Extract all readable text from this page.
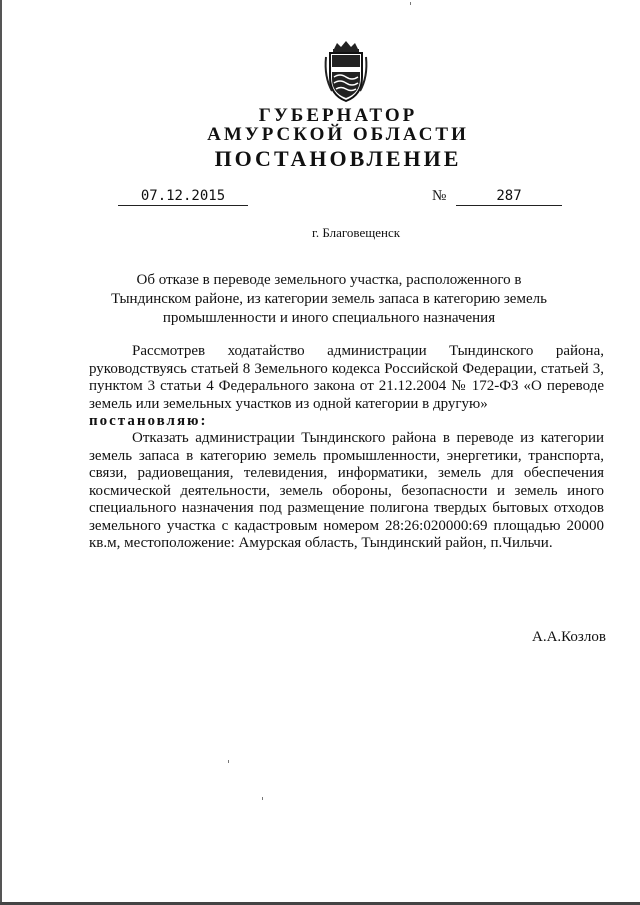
ГУБЕРНАТОР
АМУРСКОЙ ОБЛАСТИ
ПОСТАНОВЛЕНИЕ
07.12.2015	№	287
г. Благовещенск
Об отказе в переводе земельного участка, расположенного в Тындинском районе, из категории земель запаса в категорию земель промышленности и иного специального назначения
Рассмотрев ходатайство администрации Тындинского района, руководствуясь статьей 8 Земельного кодекса Российской Федерации, статьей 3, пунктом 3 статьи 4 Федерального закона от 21.12.2004 № 172-ФЗ «О переводе земель или земельных участков из одной категории в другую»
постановляю:
Отказать администрации Тындинского района в переводе из категории земель запаса в категорию земель промышленности, энергетики, транспорта, связи, радиовещания, телевидения, информатики, земель для обеспечения космической деятельности, земель обороны, безопасности и земель иного специального назначения под размещение полигона твердых бытовых отходов земельного участка с кадастровым номером 28:26:020000:69 площадью 20000 кв.м, местоположение: Амурская область, Тындинский район, п.Чильчи.
А.А.Козлов
